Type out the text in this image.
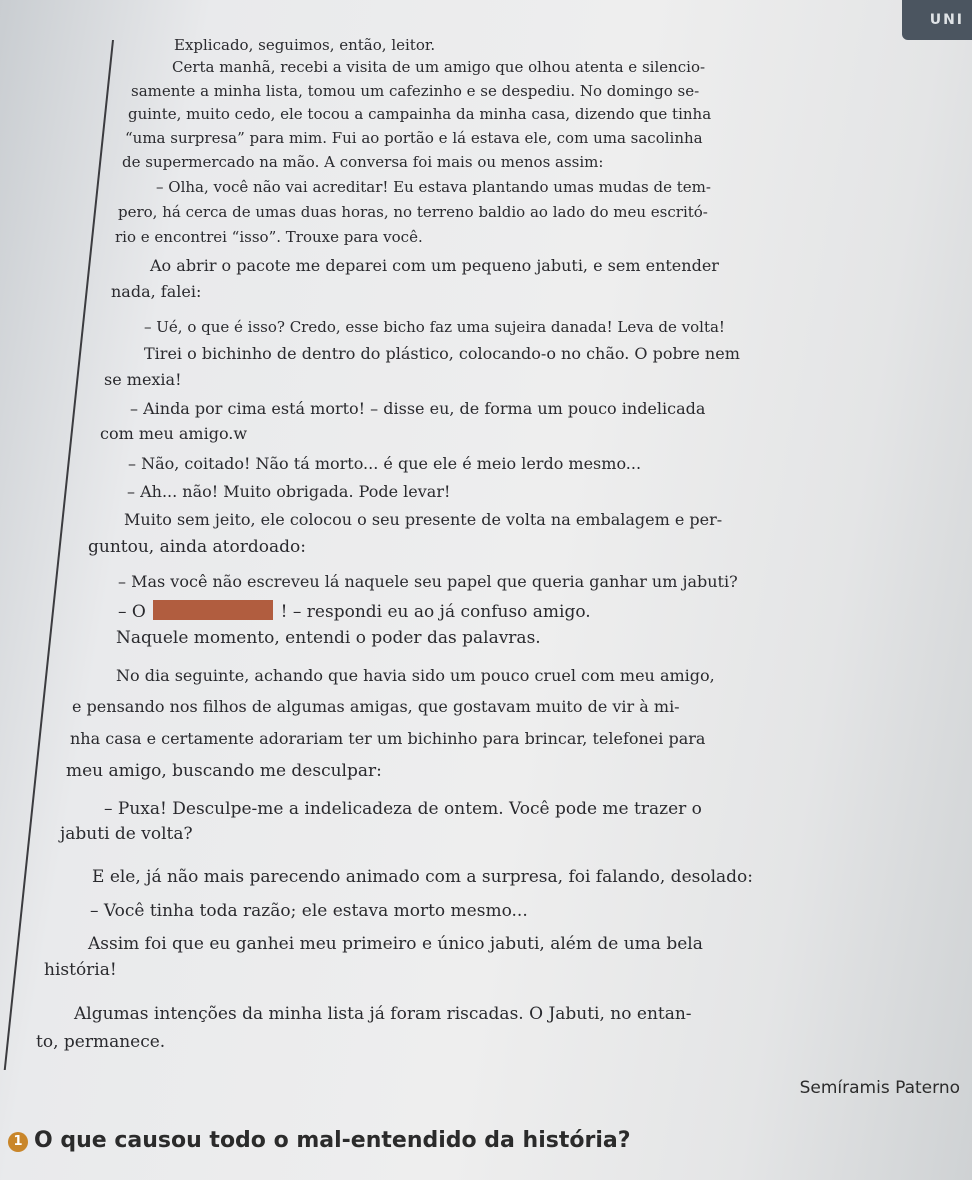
UNI

Explicado, seguimos, então, leitor.

Certa manhã, recebi a visita de um amigo que olhou atenta e silencio-

samente a minha lista, tomou um cafezinho e se despediu. No domingo se-

guinte, muito cedo, ele tocou a campainha da minha casa, dizendo que tinha

“uma surpresa” para mim. Fui ao portão e lá estava ele, com uma sacolinha

de supermercado na mão. A conversa foi mais ou menos assim:

– Olha, você não vai acreditar! Eu estava plantando umas mudas de tem-

pero, há cerca de umas duas horas, no terreno baldio ao lado do meu escritó-

rio e encontrei “isso”. Trouxe para você.

Ao abrir o pacote me deparei com um pequeno jabuti, e sem entender

nada, falei:

– Ué, o que é isso? Credo, esse bicho faz uma sujeira danada! Leva de volta!

Tirei o bichinho de dentro do plástico, colocando-o no chão. O pobre nem

se mexia!

– Ainda por cima está morto! – disse eu, de forma um pouco indelicada

com meu amigo.w

– Não, coitado! Não tá morto... é que ele é meio lerdo mesmo...

– Ah... não! Muito obrigada. Pode levar!

Muito sem jeito, ele colocou o seu presente de volta na embalagem e per-

guntou, ainda atordoado:

– Mas você não escreveu lá naquele seu papel que queria ganhar um jabuti?

– O	! – respondi eu ao já confuso amigo.

Naquele momento, entendi o poder das palavras.

No dia seguinte, achando que havia sido um pouco cruel com meu amigo,

e pensando nos filhos de algumas amigas, que gostavam muito de vir à mi-

nha casa e certamente adorariam ter um bichinho para brincar, telefonei para

meu amigo, buscando me desculpar:

– Puxa! Desculpe-me a indelicadeza de ontem. Você pode me trazer o

jabuti de volta?

E ele, já não mais parecendo animado com a surpresa, foi falando, desolado:

– Você tinha toda razão; ele estava morto mesmo...

Assim foi que eu ganhei meu primeiro e único jabuti, além de uma bela

história!

Algumas intenções da minha lista já foram riscadas. O Jabuti, no entan-

to, permanece.

Semíramis Paterno
1 O que causou todo o mal-entendido da história?
